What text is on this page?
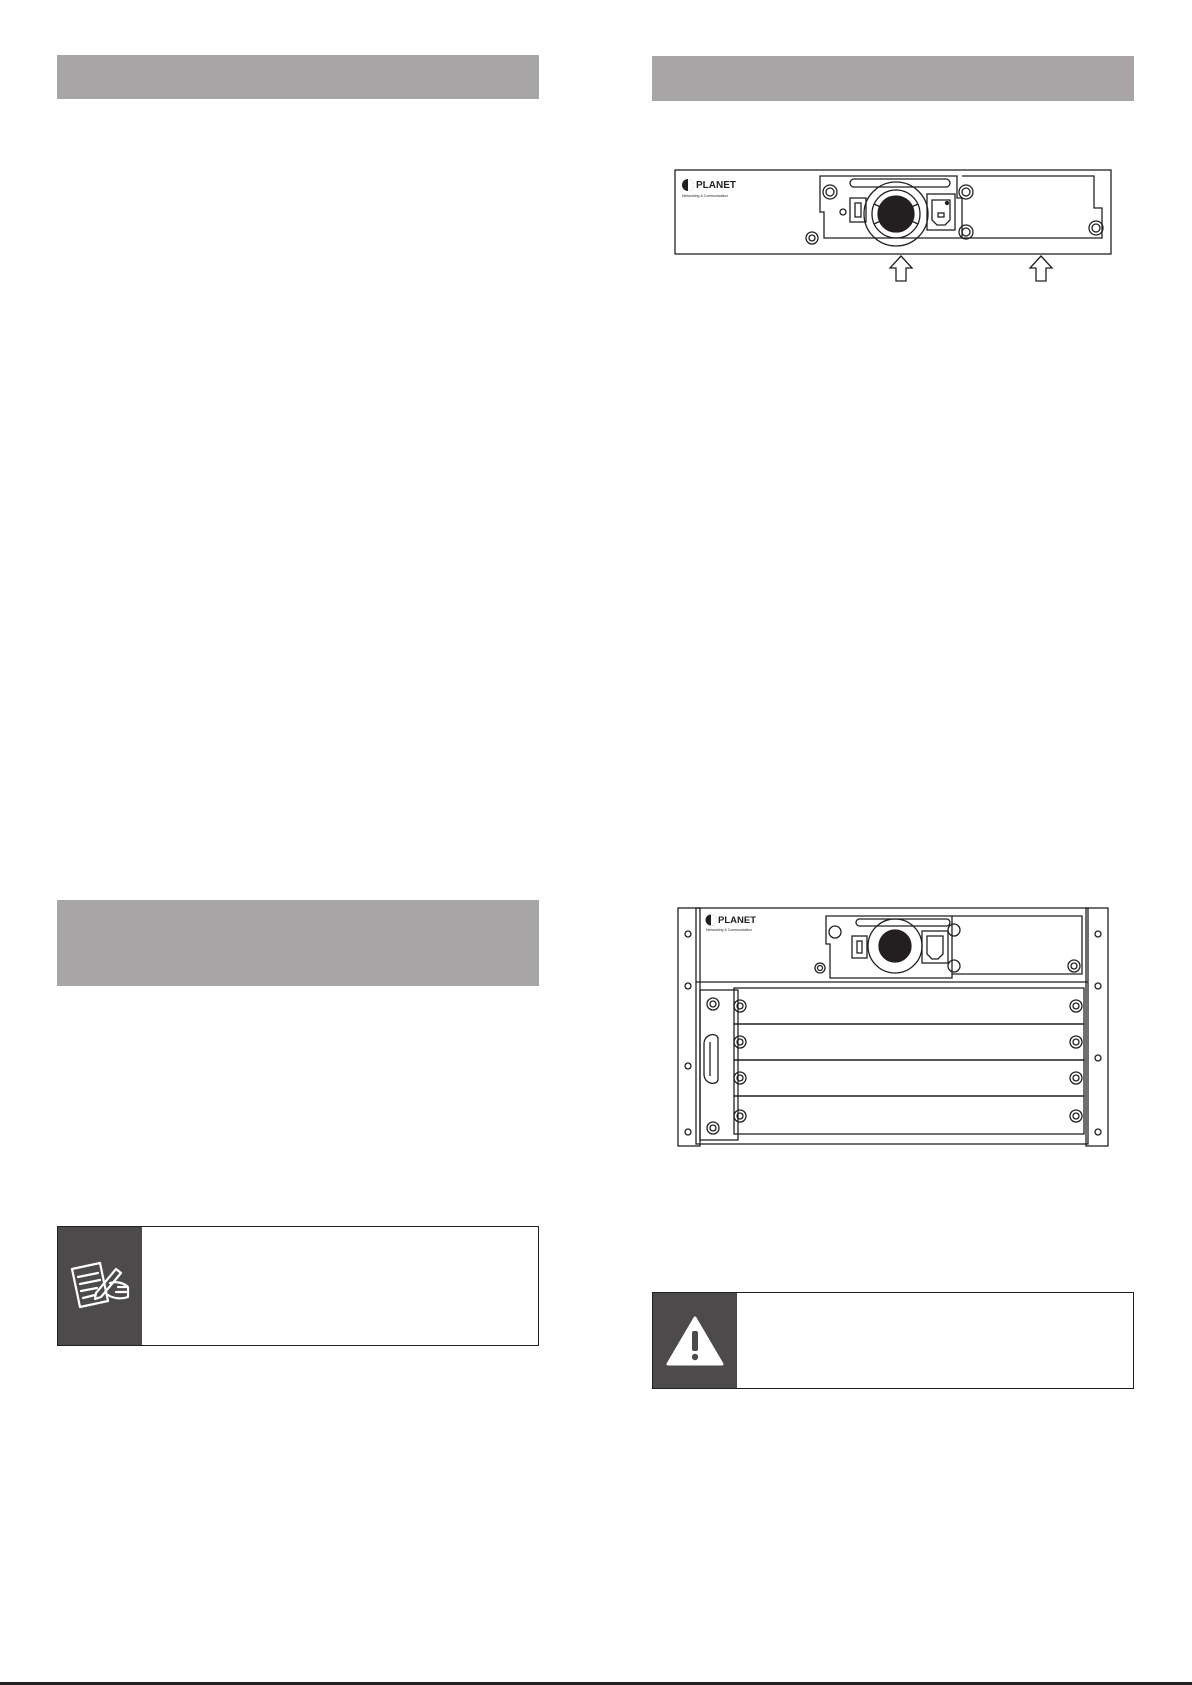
PLANET
Networking & Communication
PLANET
Networking & Communication
